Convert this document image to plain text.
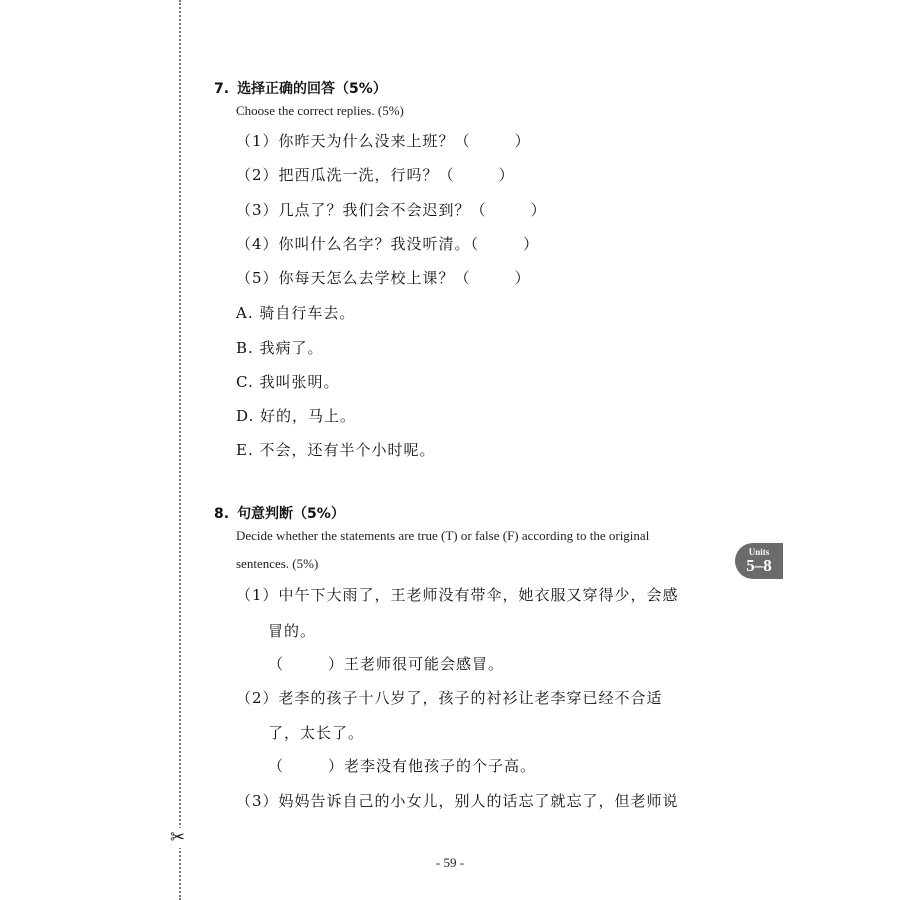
✂
7. 选择正确的回答（5%）
Choose the correct replies. (5%)
（1）你昨天为什么没来上班？（	）
（2）把西瓜洗一洗，行吗？（	）
（3）几点了？我们会不会迟到？（	）
（4）你叫什么名字？我没听清。（	）
（5）你每天怎么去学校上课？（	）
A. 骑自行车去。
B. 我病了。
C. 我叫张明。
D. 好的，马上。
E. 不会，还有半个小时呢。
8. 句意判断（5%）
Decide whether the statements are true (T) or false (F) according to the original
sentences. (5%)
（1）中午下大雨了，王老师没有带伞，她衣服又穿得少，会感
冒的。
（	）王老师很可能会感冒。
（2）老李的孩子十八岁了，孩子的衬衫让老李穿已经不合适
了，太长了。
（	）老李没有他孩子的个子高。
（3）妈妈告诉自己的小女儿，别人的话忘了就忘了，但老师说
Units
5–8
- 59 -
